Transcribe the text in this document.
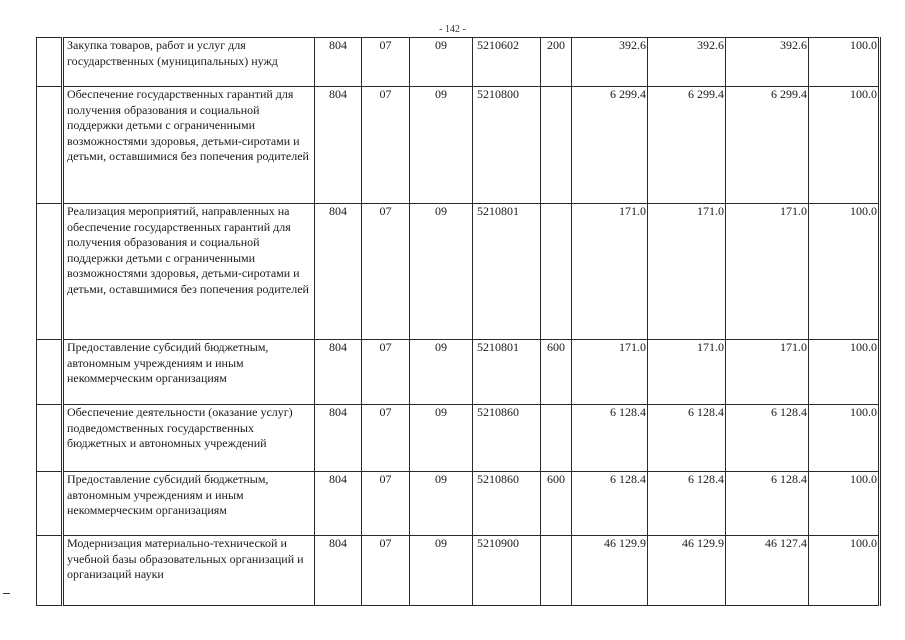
- 142 -
	Закупка товаров, работ и услуг для государственных (муниципальных) нужд	804	07	09	5210602	200	392.6	392.6	392.6	100.0
	Обеспечение государственных гарантий для получения образования и социальной поддержки детьми с ограниченными возможностями здоровья, детьми-сиротами и детьми, оставшимися без попечения родителей	804	07	09	5210800		6 299.4	6 299.4	6 299.4	100.0
	Реализация мероприятий, направленных на обеспечение государственных гарантий для получения образования и социальной поддержки детьми с ограниченными возможностями здоровья, детьми-сиротами и детьми, оставшимися без попечения родителей	804	07	09	5210801		171.0	171.0	171.0	100.0
	Предоставление субсидий бюджетным, автономным учреждениям и иным некоммерческим организациям	804	07	09	5210801	600	171.0	171.0	171.0	100.0
	Обеспечение деятельности (оказание услуг) подведомственных государственных бюджетных и автономных учреждений	804	07	09	5210860		6 128.4	6 128.4	6 128.4	100.0
	Предоставление субсидий бюджетным, автономным учреждениям и иным некоммерческим организациям	804	07	09	5210860	600	6 128.4	6 128.4	6 128.4	100.0
	Модернизация материально-технической и учебной базы образовательных организаций и организаций науки	804	07	09	5210900		46 129.9	46 129.9	46 127.4	100.0
